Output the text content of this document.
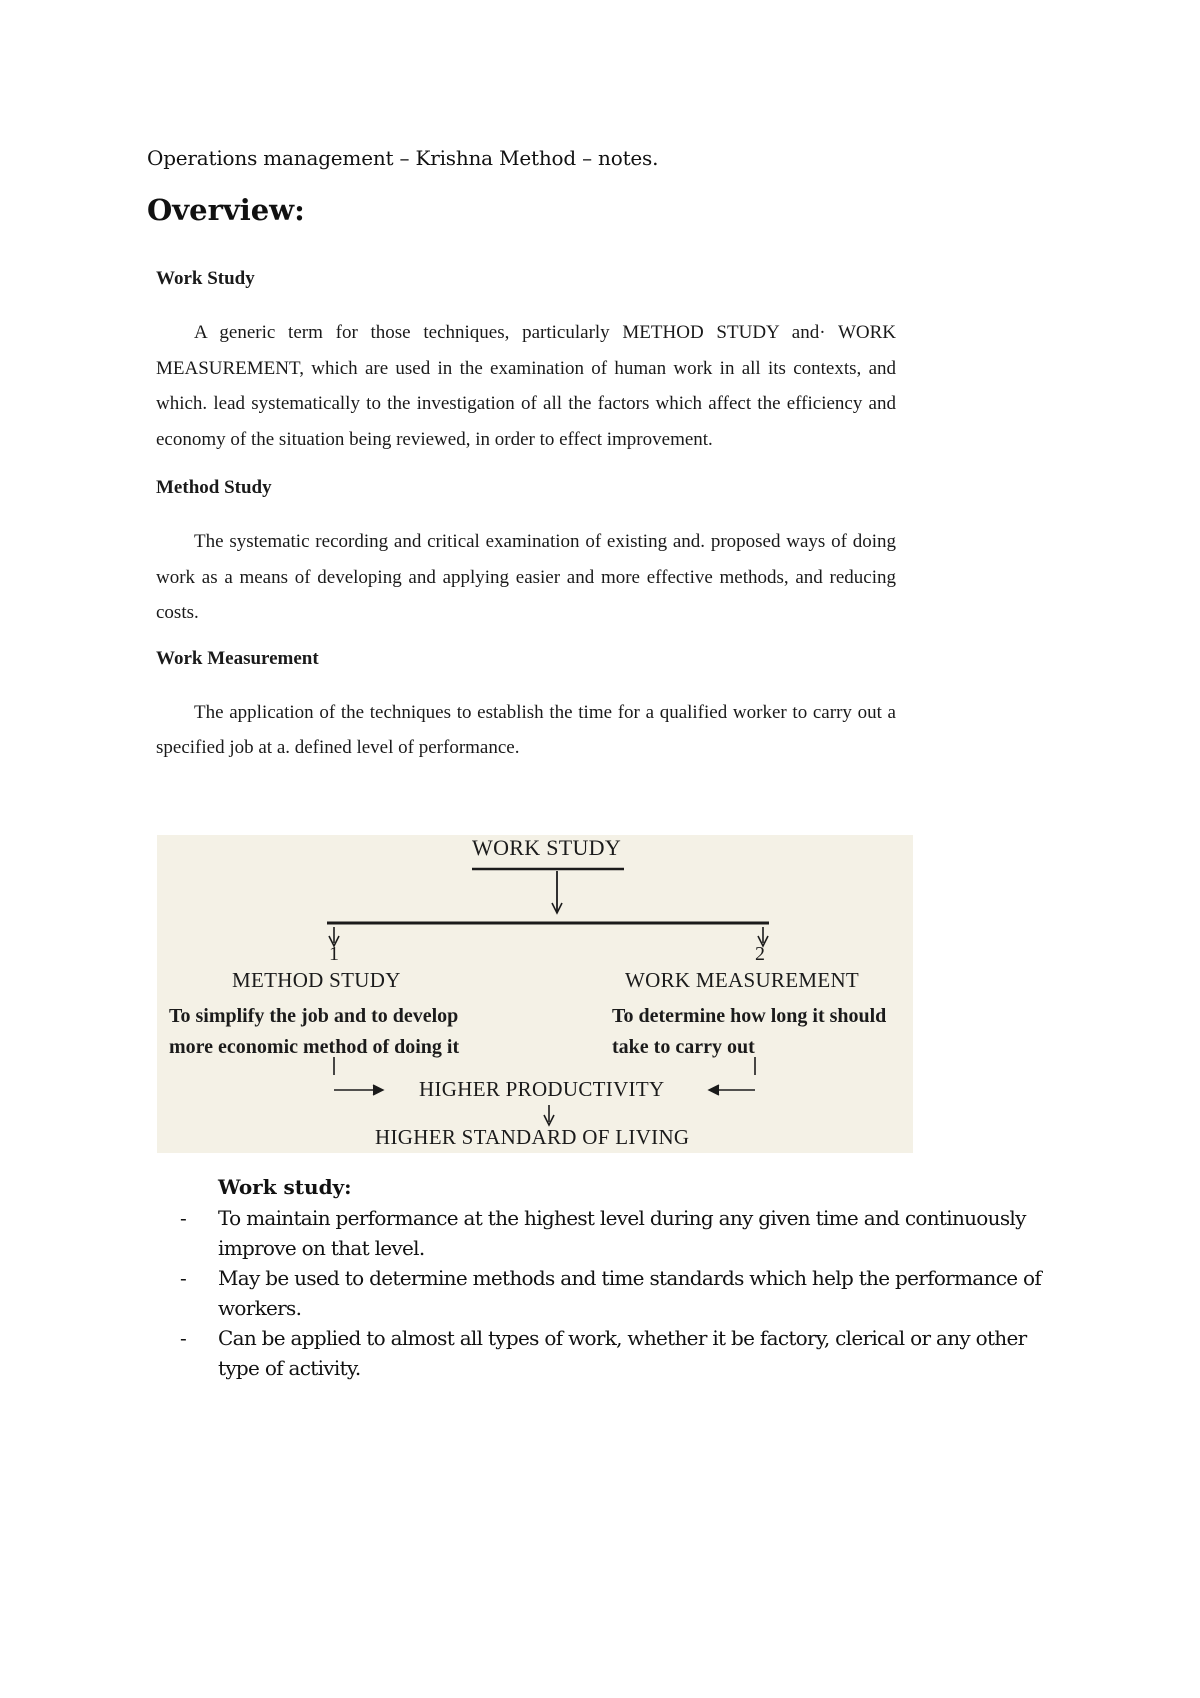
Operations management – Krishna Method – notes.
Overview:

Work Study

A generic term for those techniques, particularly METHOD STUDY and· WORK MEASUREMENT, which are used in the examination of human work in all its contexts, and which. lead systematically to the investigation of all the factors which affect the efficiency and economy of the situation being reviewed, in order to effect improvement.

Method Study

The systematic recording and critical examination of existing and. proposed ways of doing work as a means of developing and applying easier and more effective methods, and reducing costs.

Work Measurement

The application of the techniques to establish the time for a qualified worker to carry out a specified job at a. defined level of performance.

WORK STUDY
1	2
METHOD STUDY	WORK MEASUREMENT
To simplify the job and to develop
more economic method of doing it
To determine how long it should
take to carry out
HIGHER PRODUCTIVITY
HIGHER STANDARD OF LIVING

Work study:

- To maintain performance at the highest level during any given time and continuously improve on that level.
- May be used to determine methods and time standards which help the performance of workers.
- Can be applied to almost all types of work, whether it be factory, clerical or any other type of activity.
